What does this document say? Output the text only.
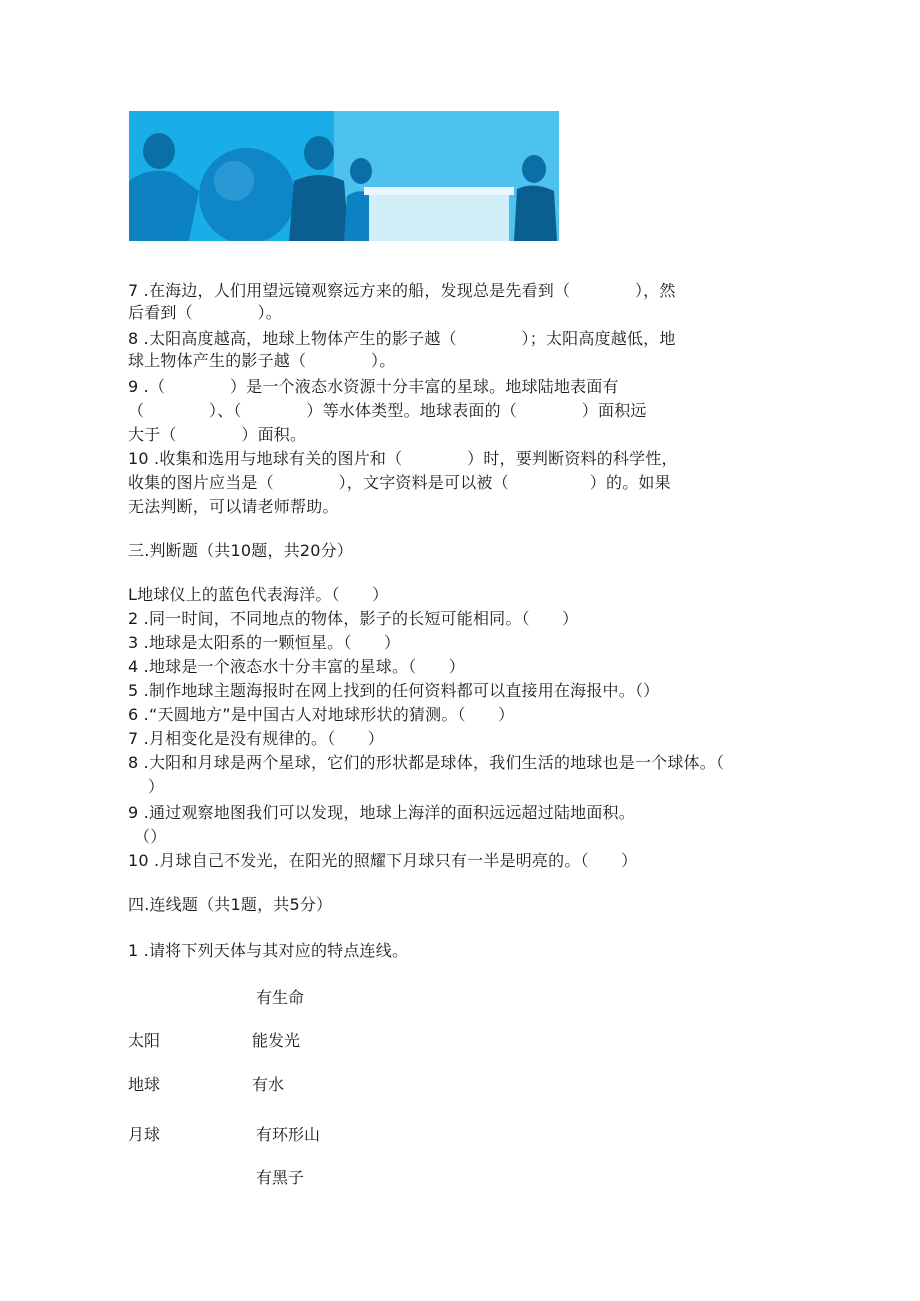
7 .在海边，人们用望远镜观察远方来的船，发现总是先看到（　　　　），然
后看到（　　　　）。
8 .太阳高度越高，地球上物体产生的影子越（　　　　）；太阳高度越低，地
球上物体产生的影子越（　　　　）。
9 .（　　　　）是一个液态水资源十分丰富的星球。地球陆地表面有
（　　　　）、（　　　　）等水体类型。地球表面的（　　　　）面积远
大于（　　　　）面积。
10 .收集和选用与地球有关的图片和（　　　　）时，要判断资料的科学性，
收集的图片应当是（　　　　），文字资料是可以被（　　　　　）的。如果
无法判断，可以请老师帮助。
三.判断题（共10题，共20分）
L地球仪上的蓝色代表海洋。（　　）
2 .同一时间，不同地点的物体，影子的长短可能相同。（　　）
3 .地球是太阳系的一颗恒星。（　　）
4 .地球是一个液态水十分丰富的星球。（　　）
5 .制作地球主题海报时在网上找到的任何资料都可以直接用在海报中。（）
6 .“天圆地方”是中国古人对地球形状的猜测。（　　）
7 .月相变化是没有规律的。（　　）
8 .大阳和月球是两个星球，它们的形状都是球体，我们生活的地球也是一个球体。（
）
9 .通过观察地图我们可以发现，地球上海洋的面积远远超过陆地面积。
（）
10 .月球自己不发光，在阳光的照耀下月球只有一半是明亮的。（　　）
四.连线题（共1题，共5分）
1 .请将下列天体与其对应的特点连线。
有生命
太阳	能发光
地球	有水
月球	有环形山
有黑子
